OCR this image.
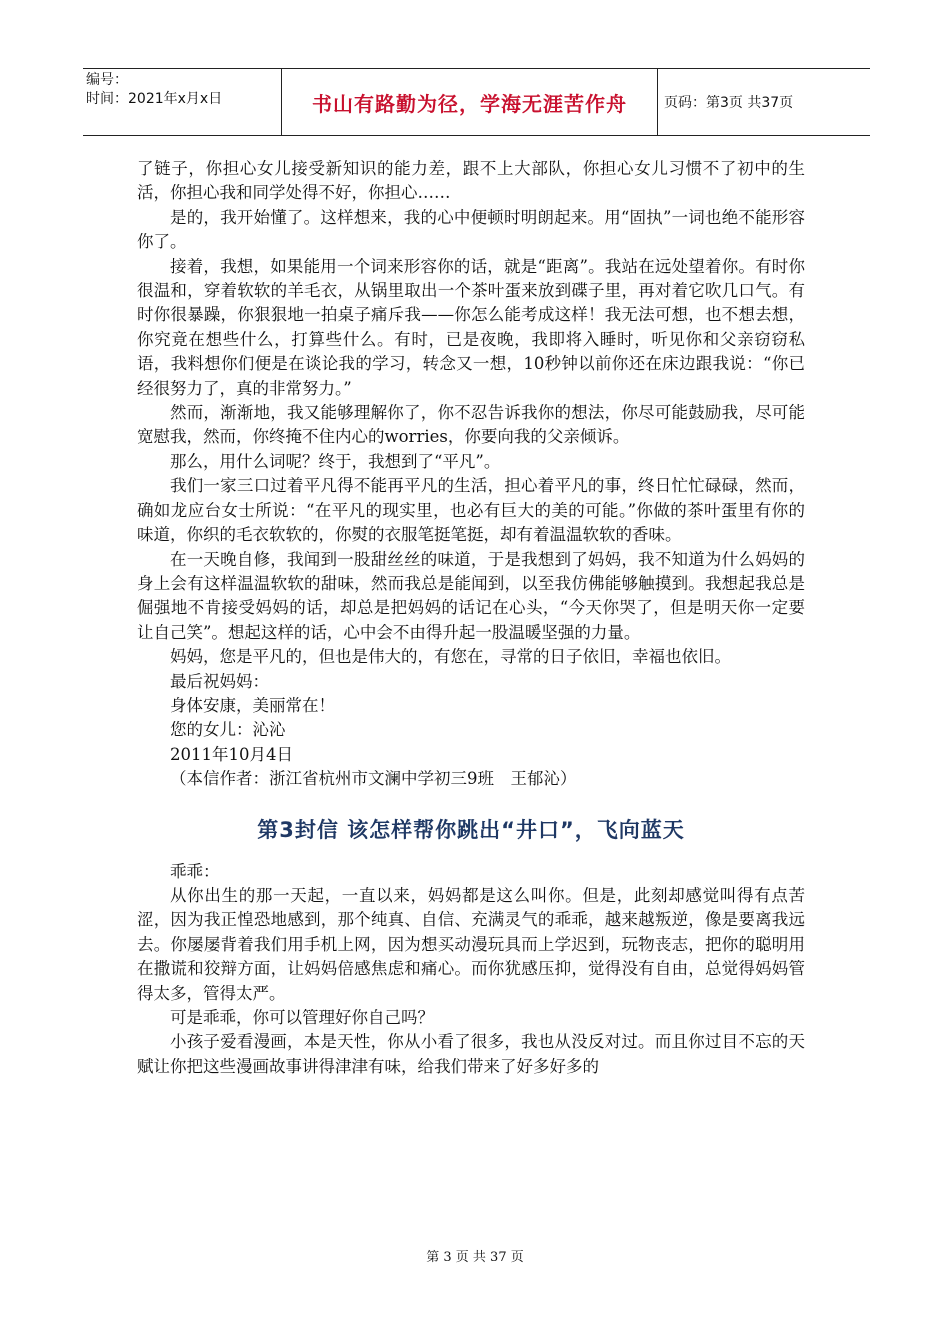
编号：
时间：2021年x月x日	书山有路勤为径，学海无涯苦作舟	页码：第3页 共37页

了链子，你担心女儿接受新知识的能力差，跟不上大部队，你担心女儿习惯不了初中的生活，你担心我和同学处得不好，你担心……

是的，我开始懂了。这样想来，我的心中便顿时明朗起来。用“固执”一词也绝不能形容你了。

接着，我想，如果能用一个词来形容你的话，就是“距离”。我站在远处望着你。有时你很温和，穿着软软的羊毛衣，从锅里取出一个茶叶蛋来放到碟子里，再对着它吹几口气。有时你很暴躁，你狠狠地一拍桌子痛斥我——你怎么能考成这样！我无法可想，也不想去想，你究竟在想些什么，打算些什么。有时，已是夜晚，我即将入睡时，听见你和父亲窃窃私语，我料想你们便是在谈论我的学习，转念又一想，10秒钟以前你还在床边跟我说：“你已经很努力了，真的非常努力。”

然而，渐渐地，我又能够理解你了，你不忍告诉我你的想法，你尽可能鼓励我，尽可能宽慰我，然而，你终掩不住内心的worries，你要向我的父亲倾诉。

那么，用什么词呢？终于，我想到了“平凡”。

我们一家三口过着平凡得不能再平凡的生活，担心着平凡的事，终日忙忙碌碌，然而，确如龙应台女士所说：“在平凡的现实里，也必有巨大的美的可能。”你做的茶叶蛋里有你的味道，你织的毛衣软软的，你熨的衣服笔挺笔挺，却有着温温软软的香味。

在一天晚自修，我闻到一股甜丝丝的味道，于是我想到了妈妈，我不知道为什么妈妈的身上会有这样温温软软的甜味，然而我总是能闻到，以至我仿佛能够触摸到。我想起我总是倔强地不肯接受妈妈的话，却总是把妈妈的话记在心头，“今天你哭了，但是明天你一定要让自己笑”。想起这样的话，心中会不由得升起一股温暖坚强的力量。

妈妈，您是平凡的，但也是伟大的，有您在，寻常的日子依旧，幸福也依旧。

最后祝妈妈：

身体安康，美丽常在！

您的女儿：沁沁

2011年10月4日

（本信作者：浙江省杭州市文澜中学初三9班　王郁沁）

第3封信 该怎样帮你跳出“井口”，飞向蓝天

乖乖：

从你出生的那一天起，一直以来，妈妈都是这么叫你。但是，此刻却感觉叫得有点苦涩，因为我正惶恐地感到，那个纯真、自信、充满灵气的乖乖，越来越叛逆，像是要离我远去。你屡屡背着我们用手机上网，因为想买动漫玩具而上学迟到，玩物丧志，把你的聪明用在撒谎和狡辩方面，让妈妈倍感焦虑和痛心。而你犹感压抑，觉得没有自由，总觉得妈妈管得太多，管得太严。

可是乖乖，你可以管理好你自己吗？

小孩子爱看漫画，本是天性，你从小看了很多，我也从没反对过。而且你过目不忘的天赋让你把这些漫画故事讲得津津有味，给我们带来了好多好多的

第 3 页 共 37 页
